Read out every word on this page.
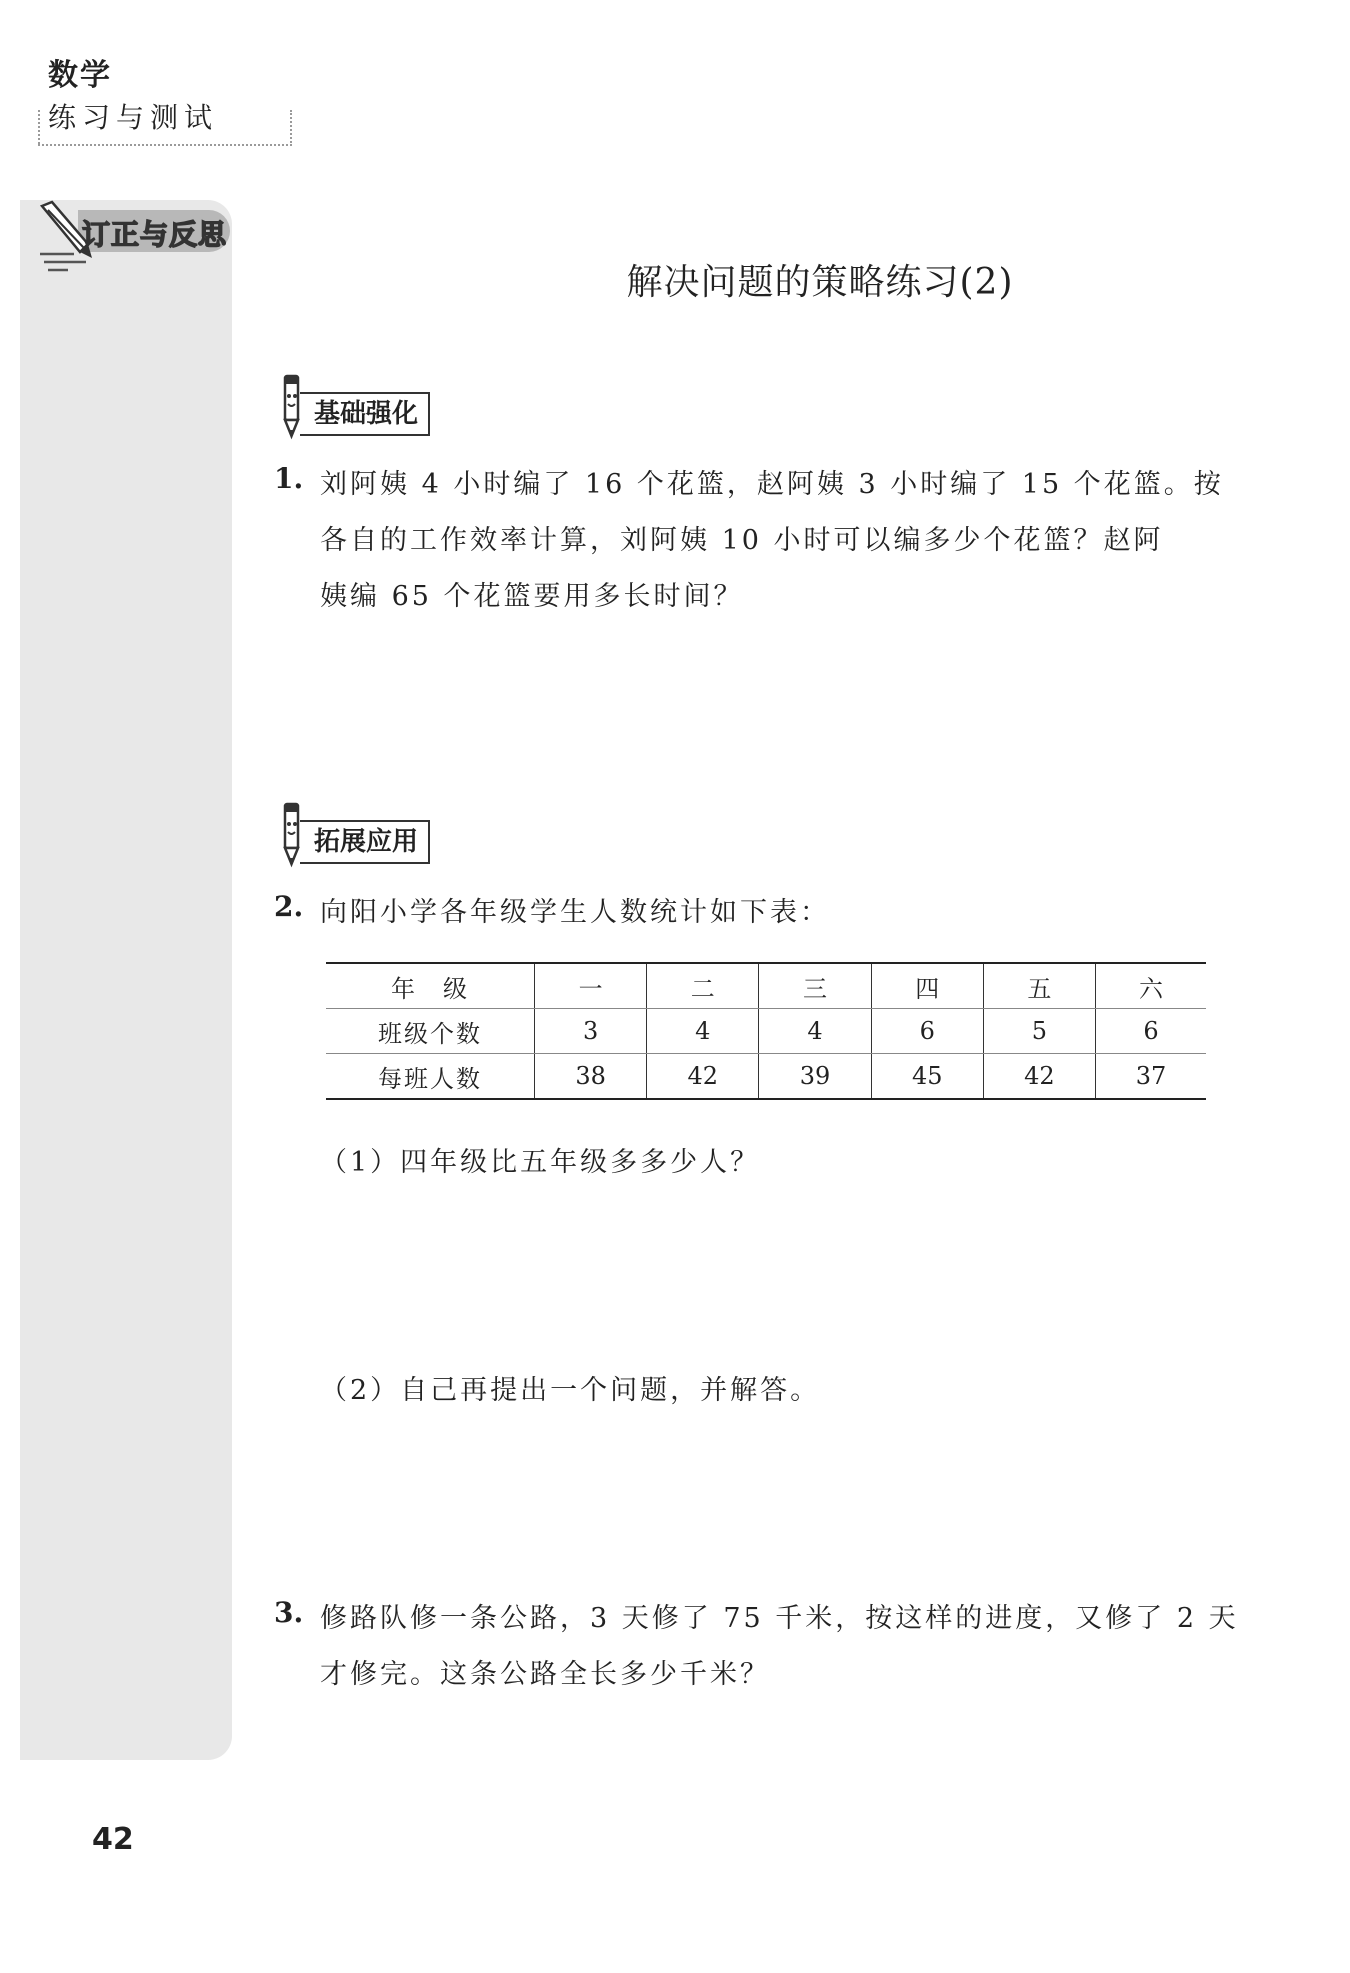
数学
练习与测试
订正与反思
解决问题的策略练习(2)
基础强化
1. 刘阿姨 4 小时编了 16 个花篮，赵阿姨 3 小时编了 15 个花篮。按
各自的工作效率计算，刘阿姨 10 小时可以编多少个花篮？赵阿
姨编 65 个花篮要用多长时间？
拓展应用
2. 向阳小学各年级学生人数统计如下表：
年　级	一	二	三	四	五	六
班级个数	3	4	4	6	5	6
每班人数	38	42	39	45	42	37
（1）四年级比五年级多多少人？
（2）自己再提出一个问题，并解答。
3. 修路队修一条公路，3 天修了 75 千米，按这样的进度，又修了 2 天
才修完。这条公路全长多少千米？
42
